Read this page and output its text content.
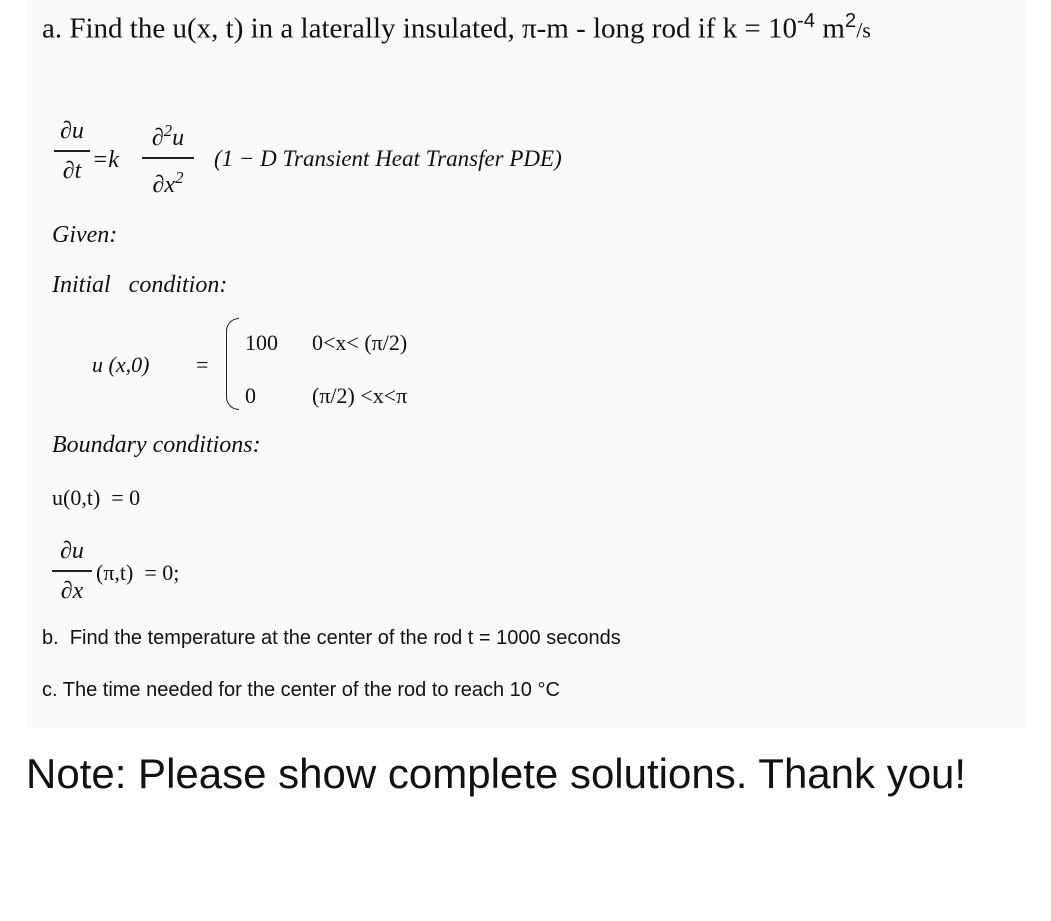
a. Find the u(x, t) in a laterally insulated, π-m - long rod if $k = 10^{-4}$ $m^2/s$
∂u
∂t =k
∂$^2$u
$\partial x^2$
(1 − D Transient Heat Transfer PDE)
Given:
Initial   condition:
u (x,0) =
100 0<x< (π/2)
0	(π/2) <x<π
Boundary conditions:
u(0,t)  = 0
∂u
∂x
(π,t)  = 0;
b.  Find the temperature at the center of the rod t = 1000 seconds
c. The time needed for the center of the rod to reach 10 °C
Note: Please show complete solutions. Thank you!
